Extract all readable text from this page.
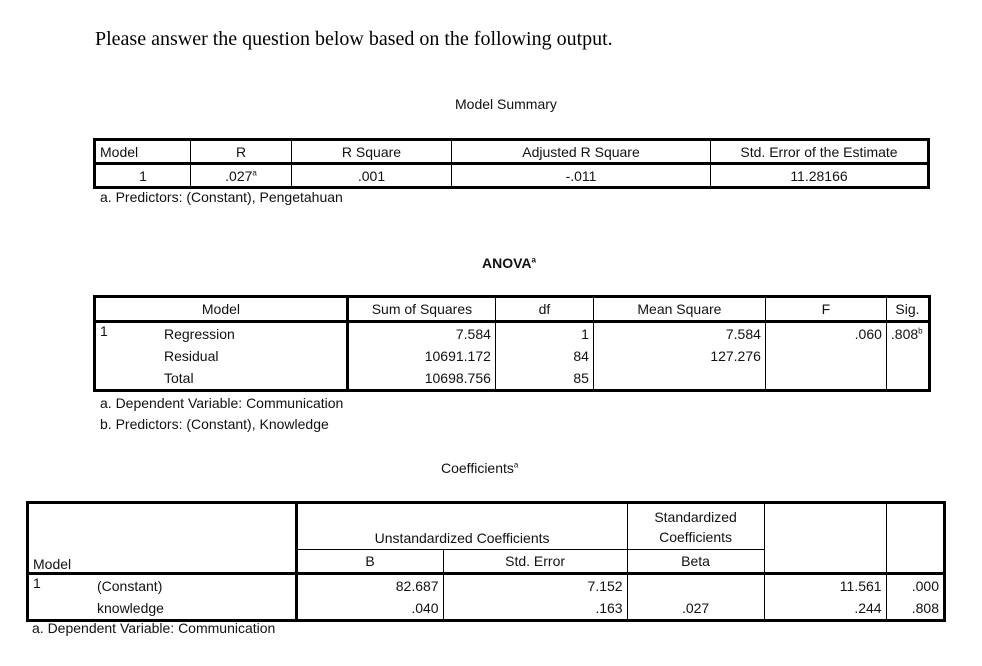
Please answer the question below based on the following output.
Model Summary
Model	R	R Square	Adjusted R Square	Std. Error of the Estimate
1	.027$^a$	.001	-.011	11.28166
a. Predictors: (Constant), Pengetahuan
ANOVA$^a$
Model		Sum of Squares	df	Mean Square	F	Sig.
1	Regression	7.584	1	7.584	.060	.808$^b$
	Residual	10691.172	84	127.276		
	Total	10698.756	85			
a. Dependent Variable: Communication
b. Predictors: (Constant), Knowledge
Coefficients$^a$
Model		Unstandardized Coefficients		Standardized Coefficients		
		B	Std. Error	Beta		
1	(Constant)	82.687	7.152		11.561	.000
	knowledge	.040	.163	.027	.244	.808
a. Dependent Variable: Communication
